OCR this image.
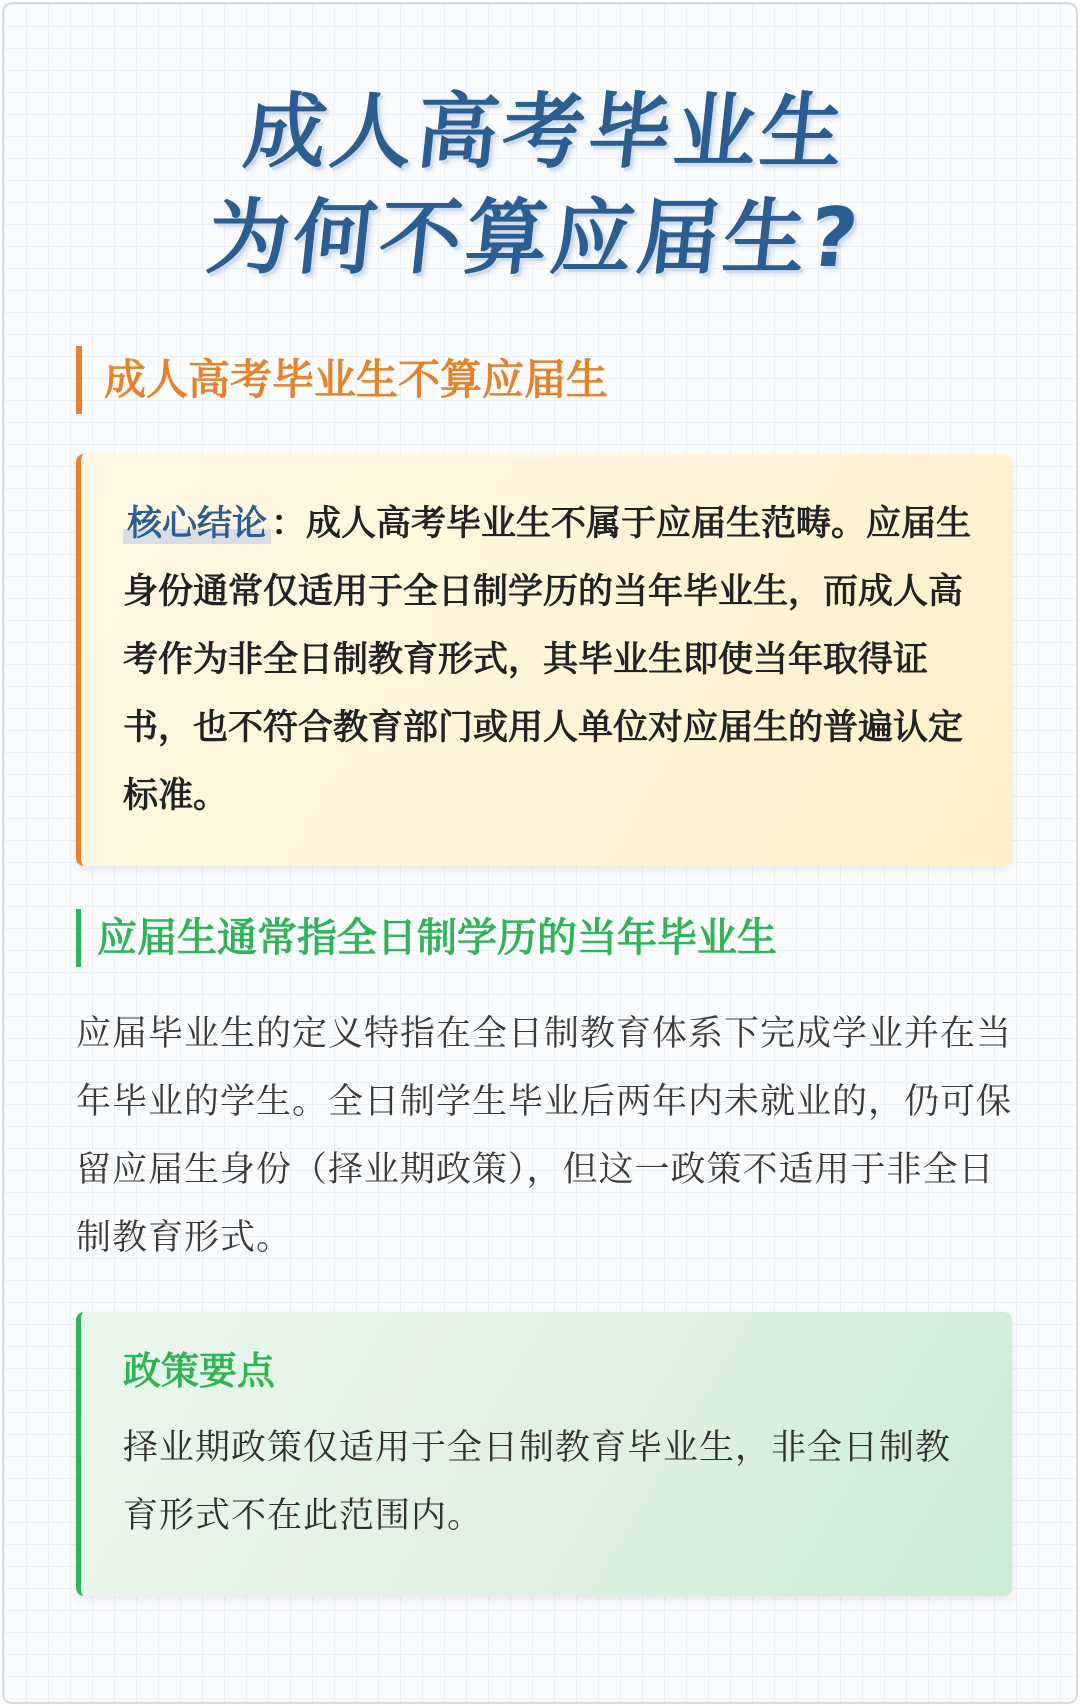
成人高考毕业生
为何不算应届生?
成人高考毕业生不算应届生
核心结论 ：成人高考毕业生不属于应届生范畴。应届生身份通常仅适用于全日制学历的当年毕业生，而成人高考作为非全日制教育形式，其毕业生即使当年取得证书，也不符合教育部门或用人单位对应届生的普遍认定标准。
应届生通常指全日制学历的当年毕业生
应届毕业生的定义特指在全日制教育体系下完成学业并在当年毕业的学生。全日制学生毕业后两年内未就业的，仍可保留应届生身份（择业期政策），但这一政策不适用于非全日制教育形式。
政策要点
择业期政策仅适用于全日制教育毕业生，非全日制教育形式不在此范围内。
